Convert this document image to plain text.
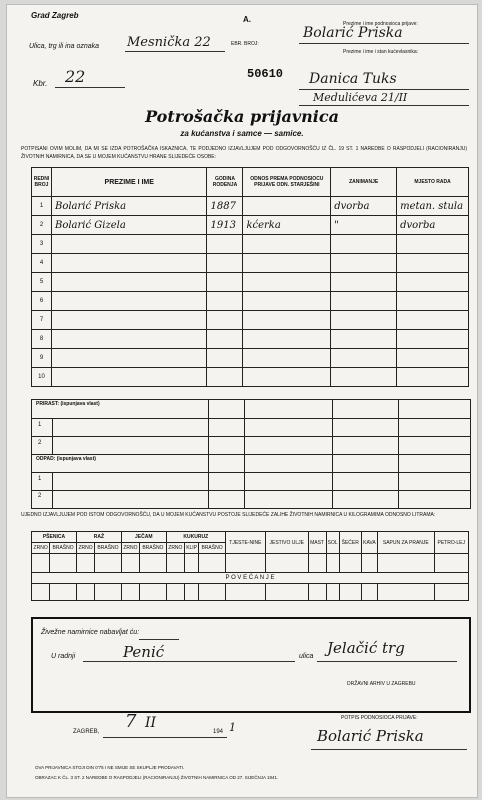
Grad Zagreb	A.
Ulica, trg ili ina oznaka Mesnička 22	EBR. BROJ:
50610
Kbr. 22
Prezime i ime podnosioca prijave:
Bolarić Priska
Prezime i ime i stan kućevlasnika:
Danica Tuks
Medulićeva 21/II
Potrošačka prijavnica
za kućanstva i samce — samice.
POTPISANI OVIM MOLIM, DA MI SE IZDA POTROŠAČKA ISKAZNICA, TE PODJEDNO IZJAVLJUJEM POD ODGOVORNOŠĆU IZ ČL. 19 ST. 1 NAREDBE O RASPODJELI (RACIONIRANJU) ŽIVOTNIH NAMIRNICA, DA SE U MOJEM KUĆANSTVU HRANE SLIJEDEĆE OSOBE:
REDNI BROJ	PREZIME I IME	GODINA RODENJA	ODNOS PREMA PODNOSIOCU PRIJAVE ODN. STARJEŠINI	ZANIMANJE	MJESTO RADA
1	Bolarić Priska	1887		dvorba	metan. stula
2	Bolarić Gizela	1913	kćerka	"	dvorba
3					
4					
5					
6					
7					
8					
9					
10					
PRIRAST: (ispunjava vlast)
1
2
ODPAD: (ispunjava vlast)
1
2
UJEDNO IZJAVLJUJEM POD ISTOM ODGOVORNOŠĆU, DA U MOJEM KUĆANSTVU POSTOJE SLIJEDEĆE ZALIHE ŽIVOTNIH NAMIRNICA U KILOGRAMIMA ODNOSNO LITRAMA:
PŠENICA		RAŽ		JEČAM		KUKURUZ			TJESTE-NINE	JESTIVO ULJE	MAST	SOL	ŠEĆER	KAVA	SAPUN ZA PRANJE	PETRO-LEJ
ZRNO	BRAŠNO	ZRNO	BRAŠNO	ZRNO	BRAŠNO	ZRNO	KLIP	BRAŠNO								

P O V E Ć A N J E																

Živežne namirnice nabavljat ću:
U radnji	Penić	ulica Jelačić trg
DRŽAVNI ARHIV U ZAGREBU
ZAGREB, 7 II
194 1
POTPIS PODNOSIOCA PRIJAVE:
Bolarić Priska
OVA PRIJAVNICA STOJI DIN 0'75 I NE SMIJE SE SKUPLJE PRODAVATI.
OBRAZAC K ČL. 3 ST. 2 NAREDBE O RASPODJELI (RACIONIRANJU) ŽIVOTNIH NAMIRNICA OD 27. SIJEČNJA 1941.
